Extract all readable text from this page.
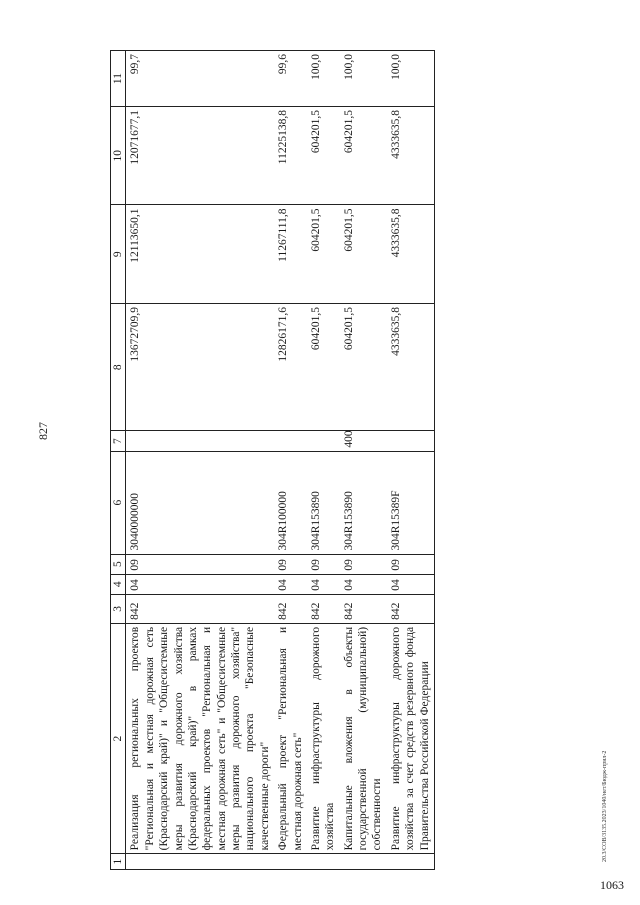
827
1	2	3	4	5	6	7	8	9	10	11
	Реализация региональных проектов "Региональная и местная дорожная сеть (Краснодарский край)" и "Общесистемные меры развития дорожного хозяйства (Краснодарский край)" в рамках федеральных проектов "Региональная и местная дорожная сеть" и "Общесистемные меры развития дорожного хозяйства" национального проекта "Безопасные качественные дороги"	842	04	09	3040000000		13672709,9	12113650,1	12071677,1	99,7
	Федеральный проект "Региональная и местная дорожная сеть"	842	04	09	304R100000		12826171,6	11267111,8	11225138,8	99,6
	Развитие инфраструктуры дорожного хозяйства	842	04	09	304R153890		604201,5	604201,5	604201,5	100,0
	Капитальные вложения в объекты государственной (муниципальной) собственности	842	04	09	304R153890	400	604201,5	604201,5	604201,5	100,0
	Развитие инфраструктуры дорожного хозяйства за счет средств резервного фонда Правительства Российской Федерации	842	04	09	304R15389F		4333635,8	4333635,8	4333635,8	100,0
20.3/COB/3135.2023/1040/нет/Бюдж-прил-2
1063
